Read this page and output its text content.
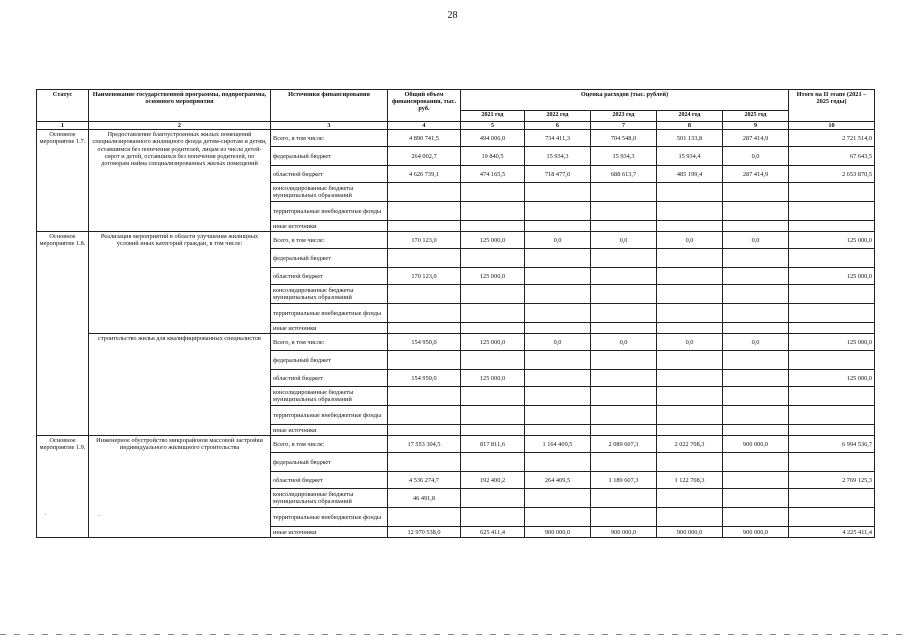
28
Статус	Наименование государственной программы, подпрограммы, основного мероприятия	Источники финансирования	Общий объем финансирования, тыс. руб.	Оценка расходов (тыс. рублей)					Итого на II этапе (2021 – 2025 годы)
				2021 год	2022 год	2023 год	2024 год	2025 год	
1	2	3	4	5	6	7	8	9	10
Основное мероприятие 1.7.	Предоставление благоустроенных жилых помещений специализированного жилищного фонда детям-сиротам и детям, оставшимся без попечения родителей, лицам из числа детей-сирот и детей, оставшихся без попечения родителей, по договорам найма специализированных жилых помещений	Всего, в том числе:	4 890 741,5	494 006,0	734 411,3	704 548,0	501 133,8	287 414,9	2 721 514,0
		федеральный бюджет	264 002,7	19 840,5	15 934,3	15 934,3	15 934,4	0,0	67 643,5
		областной бюджет	4 626 739,1	474 165,5	718 477,0	688 613,7	485 199,4	287 414,9	2 653 870,5
		консолидированные бюджеты муниципальных образований							
		территориальные внебюджетные фонды							
		иные источники							
Основное мероприятие 1.8.	Реализация мероприятий в области улучшения жилищных условий иных категорий граждан, в том числе:	Всего, в том числе:	170 123,0	125 000,0	0,0	0,0	0,0	0,0	125 000,0
		федеральный бюджет							
		областной бюджет	170 123,0	125 000,0					125 000,0
		консолидированные бюджеты муниципальных образований							
		территориальные внебюджетные фонды							
		иные источники							
	строительство жилья для квалифицированных специалистов	Всего, в том числе:	154 950,0	125 000,0	0,0	0,0	0,0	0,0	125 000,0
		федеральный бюджет							
		областной бюджет	154 950,0	125 000,0					125 000,0
		консолидированные бюджеты муниципальных образований							
		территориальные внебюджетные фонды							
		иные источники							
Основное мероприятие 1.9.	Инженерное обустройство микрорайонов массовой застройки индивидуального жилищного строительства	Всего, в том числе:	17 553 304,5	817 811,6	1 164 409,5	2 089 607,3	2 022 708,3	900 000,0	6 994 536,7
		федеральный бюджет							
		областной бюджет	4 536 274,7	192 400,2	264 409,5	1 189 607,3	1 122 708,3		2 769 125,3
		консолидированные бюджеты муниципальных образований	46 491,8						
		территориальные внебюджетные фонды							
		иные источники	12 970 538,0	625 411,4	900 000,0	900 000,0	900 000,0	900 000,0	4 225 411,4
·	·
